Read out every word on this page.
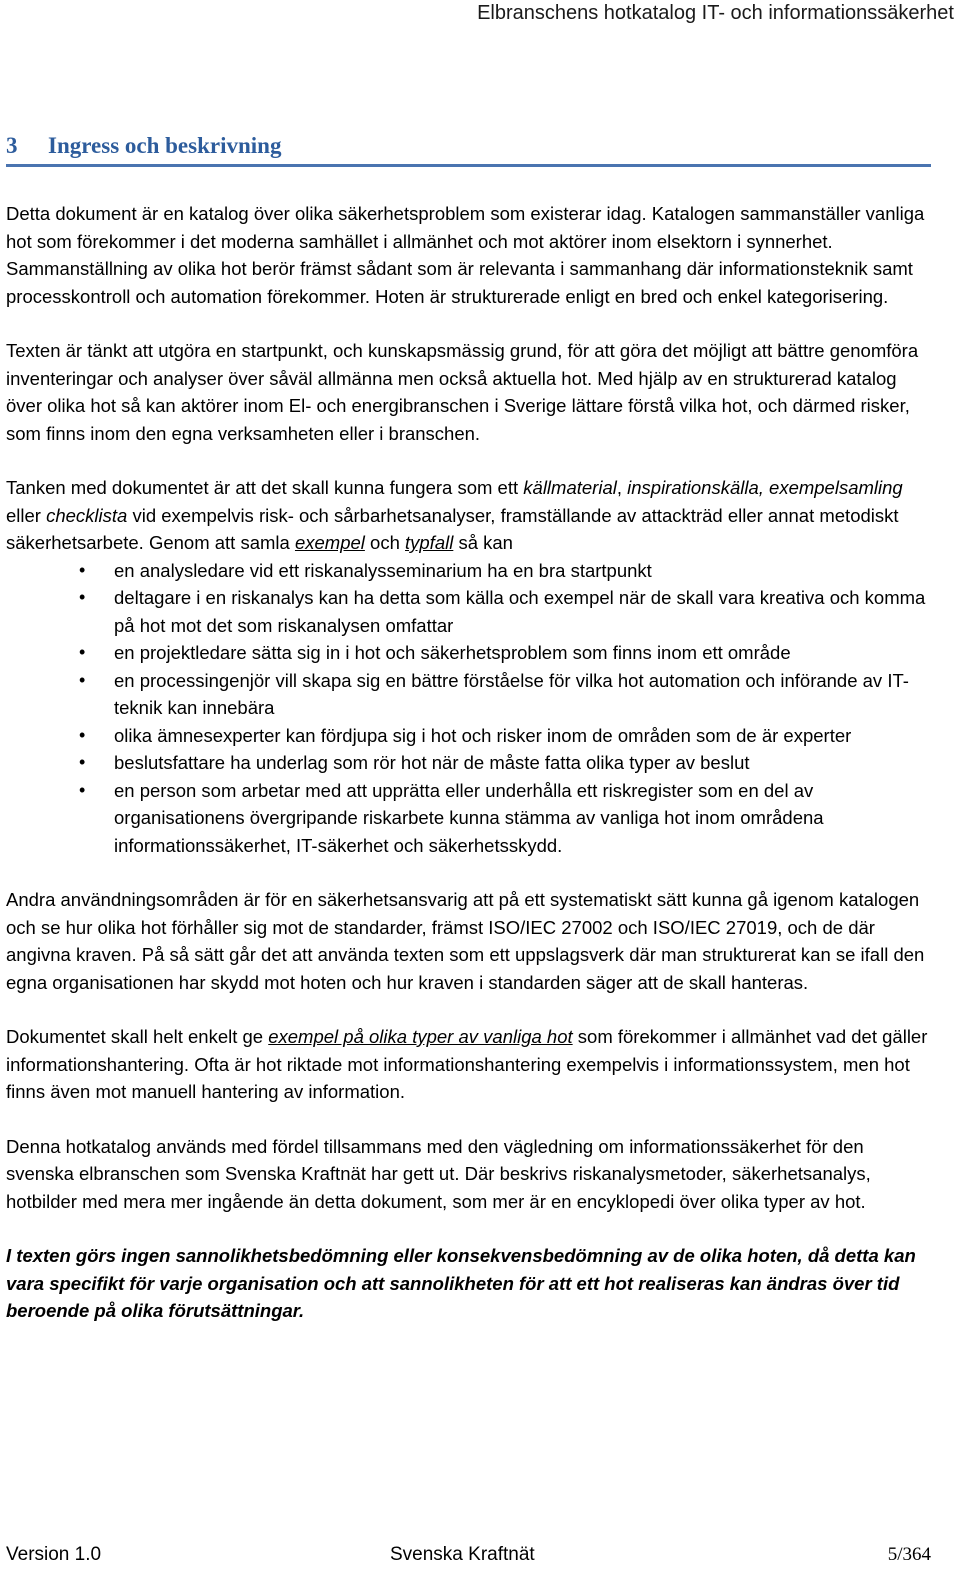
Elbranschens hotkatalog IT- och informationssäkerhet
3 Ingress och beskrivning

Detta dokument är en katalog över olika säkerhetsproblem som existerar idag. Katalogen sammanställer vanliga hot som förekommer i det moderna samhället i allmänhet och mot aktörer inom elsektorn i synnerhet. Sammanställning av olika hot berör främst sådant som är relevanta i sammanhang där informationsteknik samt processkontroll och automation förekommer. Hoten är strukturerade enligt en bred och enkel kategorisering.

Texten är tänkt att utgöra en startpunkt, och kunskapsmässig grund, för att göra det möjligt att bättre genomföra inventeringar och analyser över såväl allmänna men också aktuella hot. Med hjälp av en strukturerad katalog över olika hot så kan aktörer inom El- och energibranschen i Sverige lättare förstå vilka hot, och därmed risker, som finns inom den egna verksamheten eller i branschen.

Tanken med dokumentet är att det skall kunna fungera som ett källmaterial, inspirationskälla, exempelsamling eller checklista vid exempelvis risk- och sårbarhetsanalyser, framställande av attackträd eller annat metodiskt säkerhetsarbete. Genom att samla exempel och typfall så kan

• en analysledare vid ett riskanalysseminarium ha en bra startpunkt
• deltagare i en riskanalys kan ha detta som källa och exempel när de skall vara kreativa och komma på hot mot det som riskanalysen omfattar
• en projektledare sätta sig in i hot och säkerhetsproblem som finns inom ett område
• en processingenjör vill skapa sig en bättre förståelse för vilka hot automation och införande av IT-teknik kan innebära
• olika ämnesexperter kan fördjupa sig i hot och risker inom de områden som de är experter
• beslutsfattare ha underlag som rör hot när de måste fatta olika typer av beslut
• en person som arbetar med att upprätta eller underhålla ett riskregister som en del av organisationens övergripande riskarbete kunna stämma av vanliga hot inom områdena informationssäkerhet, IT-säkerhet och säkerhetsskydd.

Andra användningsområden är för en säkerhetsansvarig att på ett systematiskt sätt kunna gå igenom katalogen och se hur olika hot förhåller sig mot de standarder, främst ISO/IEC 27002 och ISO/IEC 27019, och de där angivna kraven. På så sätt går det att använda texten som ett uppslagsverk där man strukturerat kan se ifall den egna organisationen har skydd mot hoten och hur kraven i standarden säger att de skall hanteras.

Dokumentet skall helt enkelt ge exempel på olika typer av vanliga hot som förekommer i allmänhet vad det gäller informationshantering. Ofta är hot riktade mot informationshantering exempelvis i informationssystem, men hot finns även mot manuell hantering av information.

Denna hotkatalog används med fördel tillsammans med den vägledning om informationssäkerhet för den svenska elbranschen som Svenska Kraftnät har gett ut. Där beskrivs riskanalysmetoder, säkerhetsanalys, hotbilder med mera mer ingående än detta dokument, som mer är en encyklopedi över olika typer av hot.

I texten görs ingen sannolikhetsbedömning eller konsekvensbedömning av de olika hoten, då detta kan vara specifikt för varje organisation och att sannolikheten för att ett hot realiseras kan ändras över tid beroende på olika förutsättningar.

Version 1.0	Svenska Kraftnät	5/364
